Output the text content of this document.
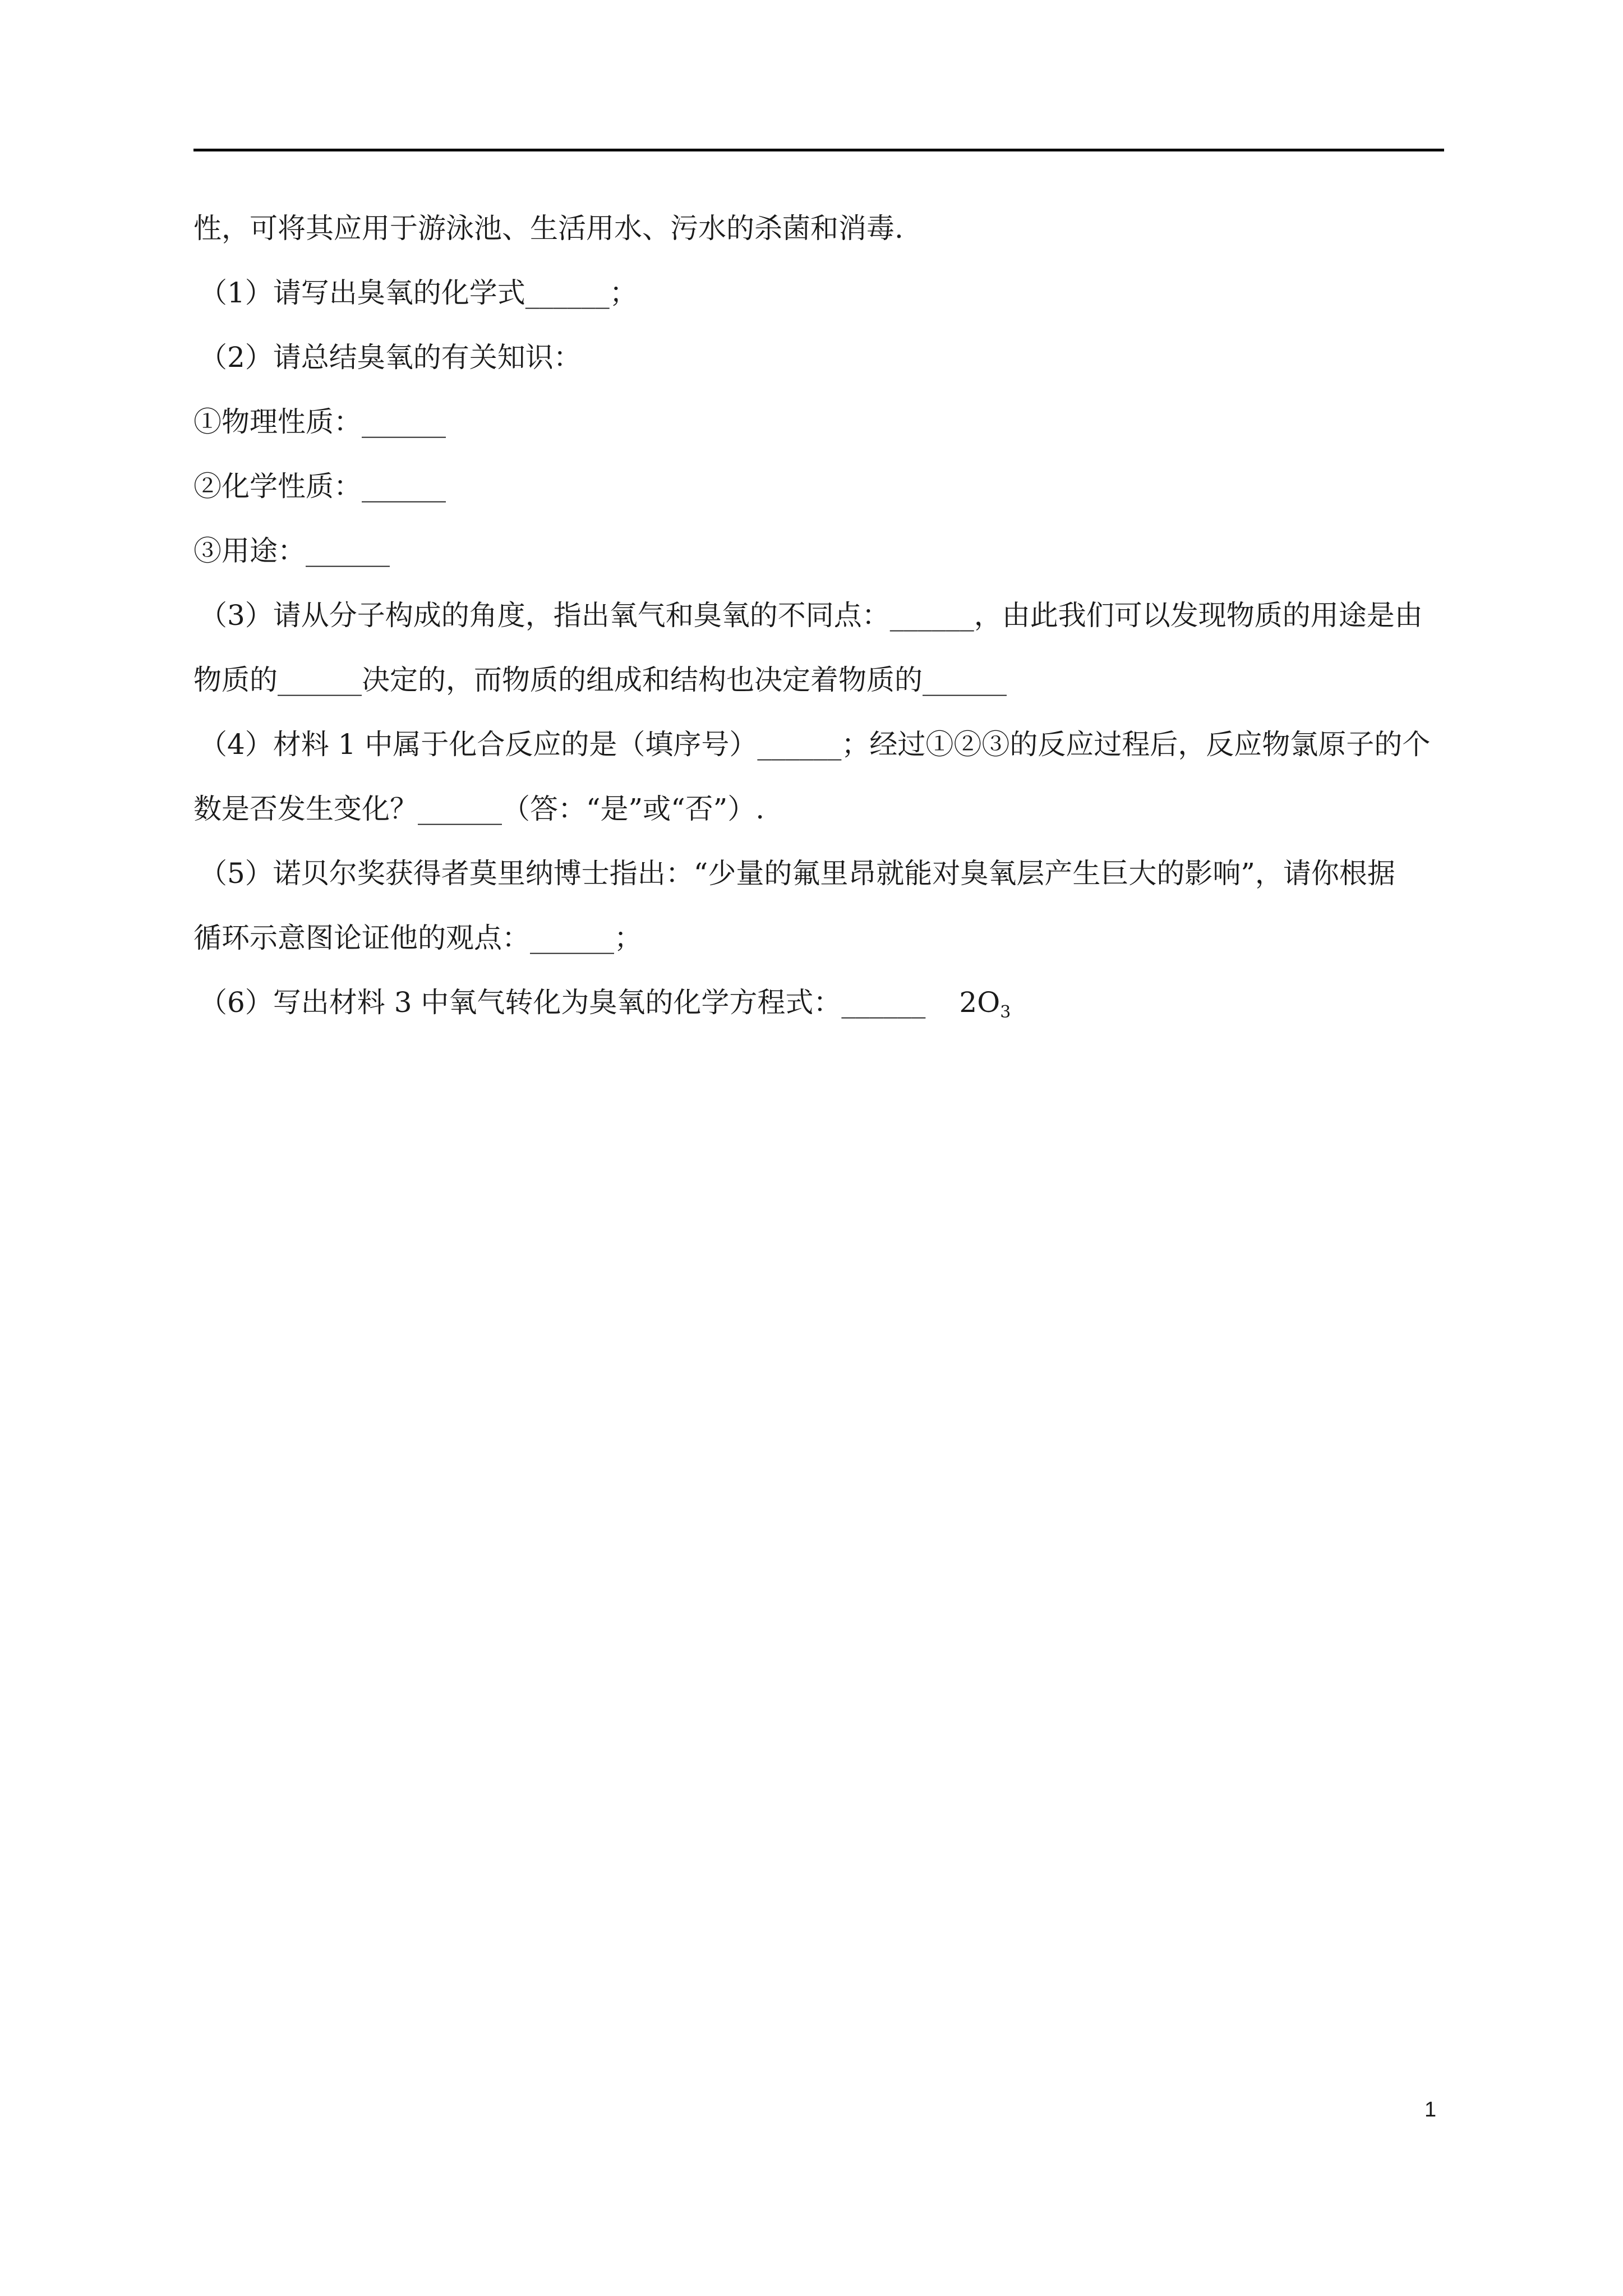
性，可将其应用于游泳池、生活用水、污水的杀菌和消毒.
（1）请写出臭氧的化学式______；
（2）请总结臭氧的有关知识：
①物理性质：______
②化学性质：______
③用途：______
（3）请从分子构成的角度，指出氧气和臭氧的不同点：______，由此我们可以发现物质的用途是由
物质的______决定的，而物质的组成和结构也决定着物质的______
（4）材料 1 中属于化合反应的是（填序号）______；经过①②③的反应过程后，反应物氯原子的个
数是否发生变化？______（答：“是”或“否”）.
（5）诺贝尔奖获得者莫里纳博士指出：“少量的氟里昂就能对臭氧层产生巨大的影响”，请你根据
循环示意图论证他的观点：______；
（6）写出材料 3 中氧气转化为臭氧的化学方程式：______ $2O_3$
1
